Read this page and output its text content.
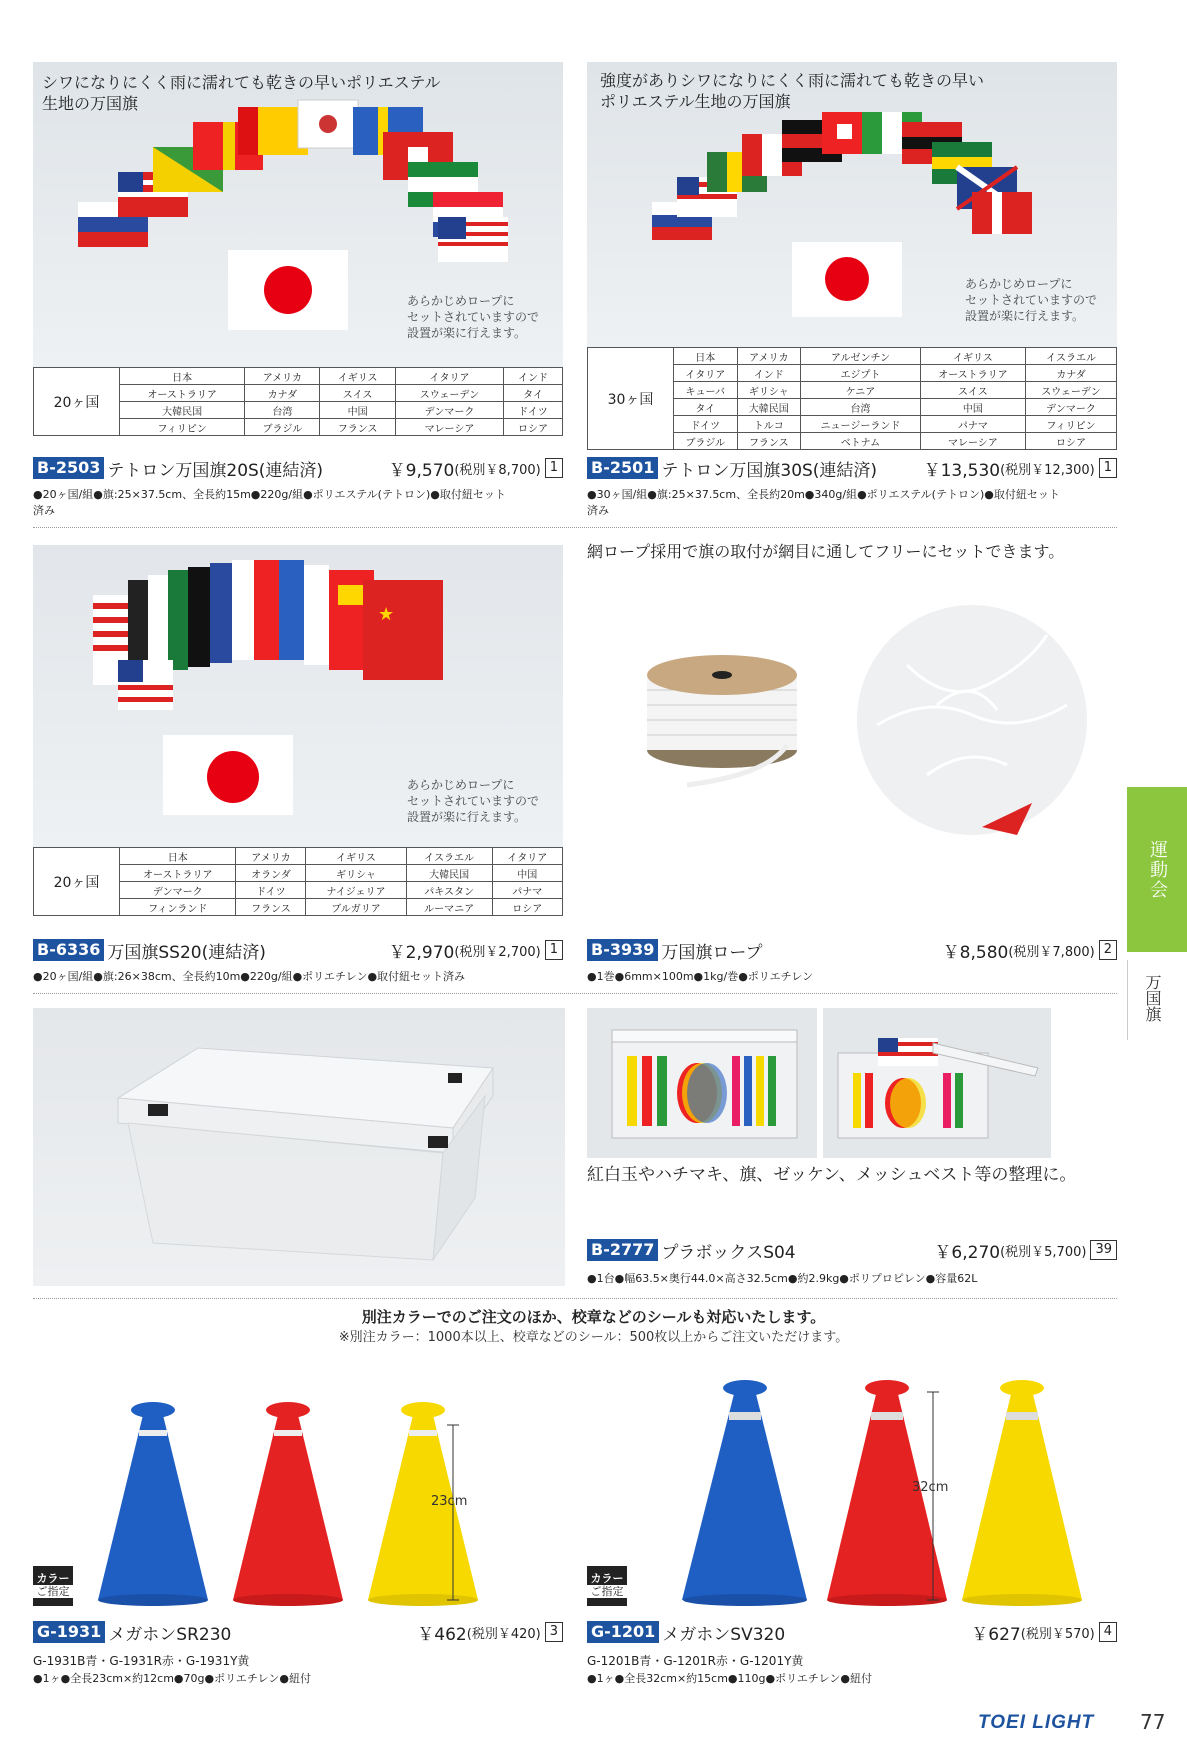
シワになりにくく雨に濡れても乾きの早いポリエステル
生地の万国旗
あらかじめロープに
セットされていますので
設置が楽に行えます。
20ヶ国	日本	アメリカ	イギリス	イタリア	インド
	オーストラリア	カナダ	スイス	スウェーデン	タイ
	大韓民国	台湾	中国	デンマーク	ドイツ
	フィリピン	ブラジル	フランス	マレーシア	ロシア
B-2503 テトロン万国旗20S(連結済)	￥9,570 (税別￥8,700) 1
●20ヶ国/組●旗:25×37.5cm、全長約15m●220g/組●ポリエステル(テトロン)●取付紐セット
済み
強度がありシワになりにくく雨に濡れても乾きの早い
ポリエステル生地の万国旗
あらかじめロープに
セットされていますので
設置が楽に行えます。
30ヶ国	日本	アメリカ	アルゼンチン	イギリス	イスラエル
	イタリア	インド	エジプト	オーストラリア	カナダ
	キューバ	ギリシャ	ケニア	スイス	スウェーデン
	タイ	大韓民国	台湾	中国	デンマーク
	ドイツ	トルコ	ニュージーランド	パナマ	フィリピン
	ブラジル	フランス	ベトナム	マレーシア	ロシア
B-2501 テトロン万国旗30S(連結済)	￥13,530 (税別￥12,300) 1
●30ヶ国/組●旗:25×37.5cm、全長約20m●340g/組●ポリエステル(テトロン)●取付紐セット
済み
★
あらかじめロープに
セットされていますので
設置が楽に行えます。
20ヶ国	日本	アメリカ	イギリス	イスラエル	イタリア
	オーストラリア	オランダ	ギリシャ	大韓民国	中国
	デンマーク	ドイツ	ナイジェリア	パキスタン	パナマ
	フィンランド	フランス	ブルガリア	ルーマニア	ロシア
B-6336 万国旗SS20(連結済)	￥2,970 (税別￥2,700) 1
●20ヶ国/組●旗:26×38cm、全長約10m●220g/組●ポリエチレン●取付紐セット済み
網ロープ採用で旗の取付が網目に通してフリーにセットできます。
B-3939 万国旗ロープ	￥8,580 (税別￥7,800) 2
●1巻●6mm×100m●1kg/巻●ポリエチレン
紅白玉やハチマキ、旗、ゼッケン、メッシュベスト等の整理に。
B-2777 プラボックスS04	￥6,270 (税別￥5,700) 39
●1台●幅63.5×奥行44.0×高さ32.5cm●約2.9kg●ポリプロピレン●容量62L
別注カラーでのご注文のほか、校章などのシールも対応いたします。
※別注カラー：1000本以上、校章などのシール：500枚以上からご注文いただけます。
23cm
カラー
ご指定
G-1931 メガホンSR230	￥462 (税別￥420) 3
G-1931B青・G-1931R赤・G-1931Y黄
●1ヶ●全長23cm×約12cm●70g●ポリエチレン●紐付
32cm
カラー
ご指定
G-1201 メガホンSV320	￥627 (税別￥570) 4
G-1201B青・G-1201R赤・G-1201Y黄
●1ヶ●全長32cm×約15cm●110g●ポリエチレン●紐付
運動会
万国旗
TOEI LIGHT 77
